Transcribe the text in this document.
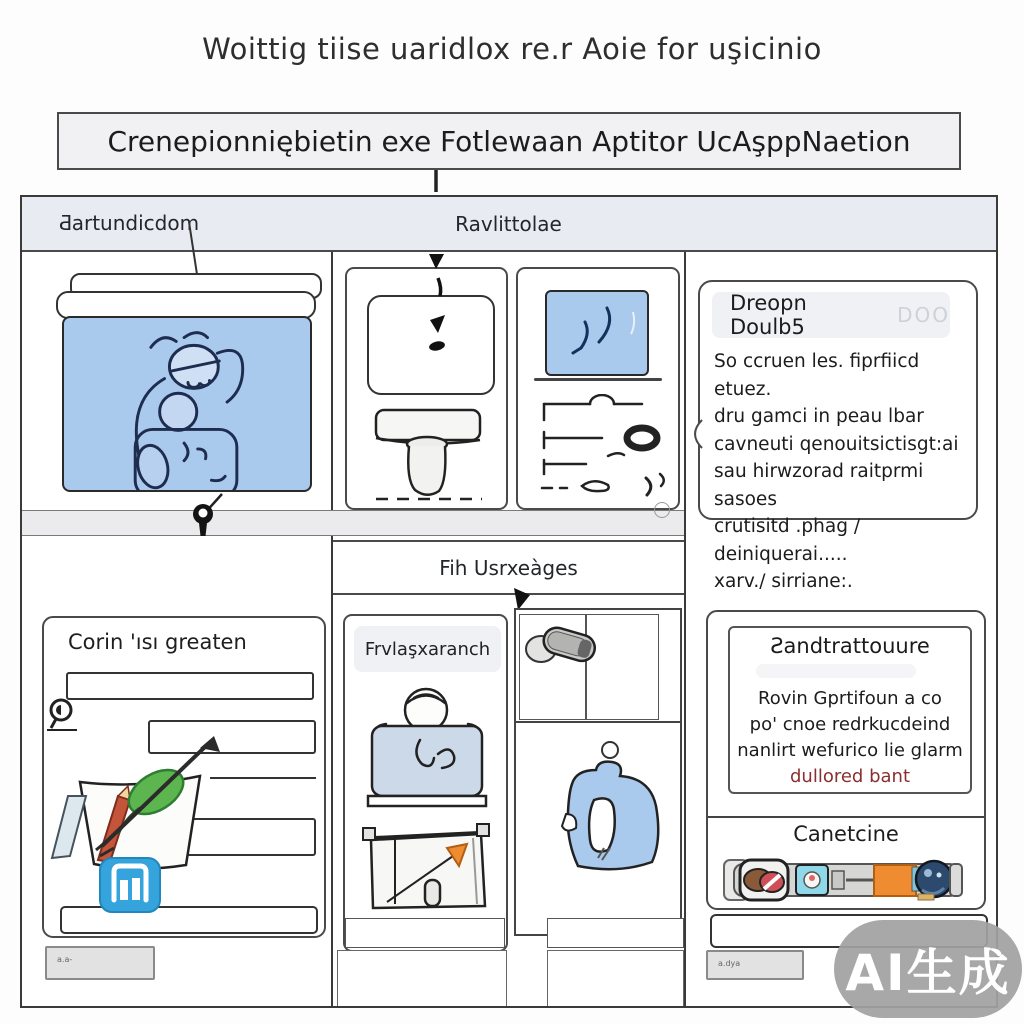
Woittig tiise uaridlox re.r Aoie for uşicinio
Crenepionniębietin exe Fotlewaan Aptitor UcAşppNaetion
Ƌartundicdom	Ravlittolae
Dreopn Doulb5	DOO
So ccruen les. fiprfiicd etuez.
dru gamci in peau lbar
cavneuti qenouitsictisgt:ai
sau hirwzorad raitprmi sasoes
crutisitd .phag / deiniquerai.....
xarv./ sirriane:.
Fih Usrxeàges
Corin 'ısı greaten
a.a-
Frvlaşxaranch	Ƨandtrattouure
Rovin Gprtifoun a co
po' cnoe redrkucdeind
nanlirt wefurico lie glarm
dullored bant
Canetcine
a.dya	AI生成
